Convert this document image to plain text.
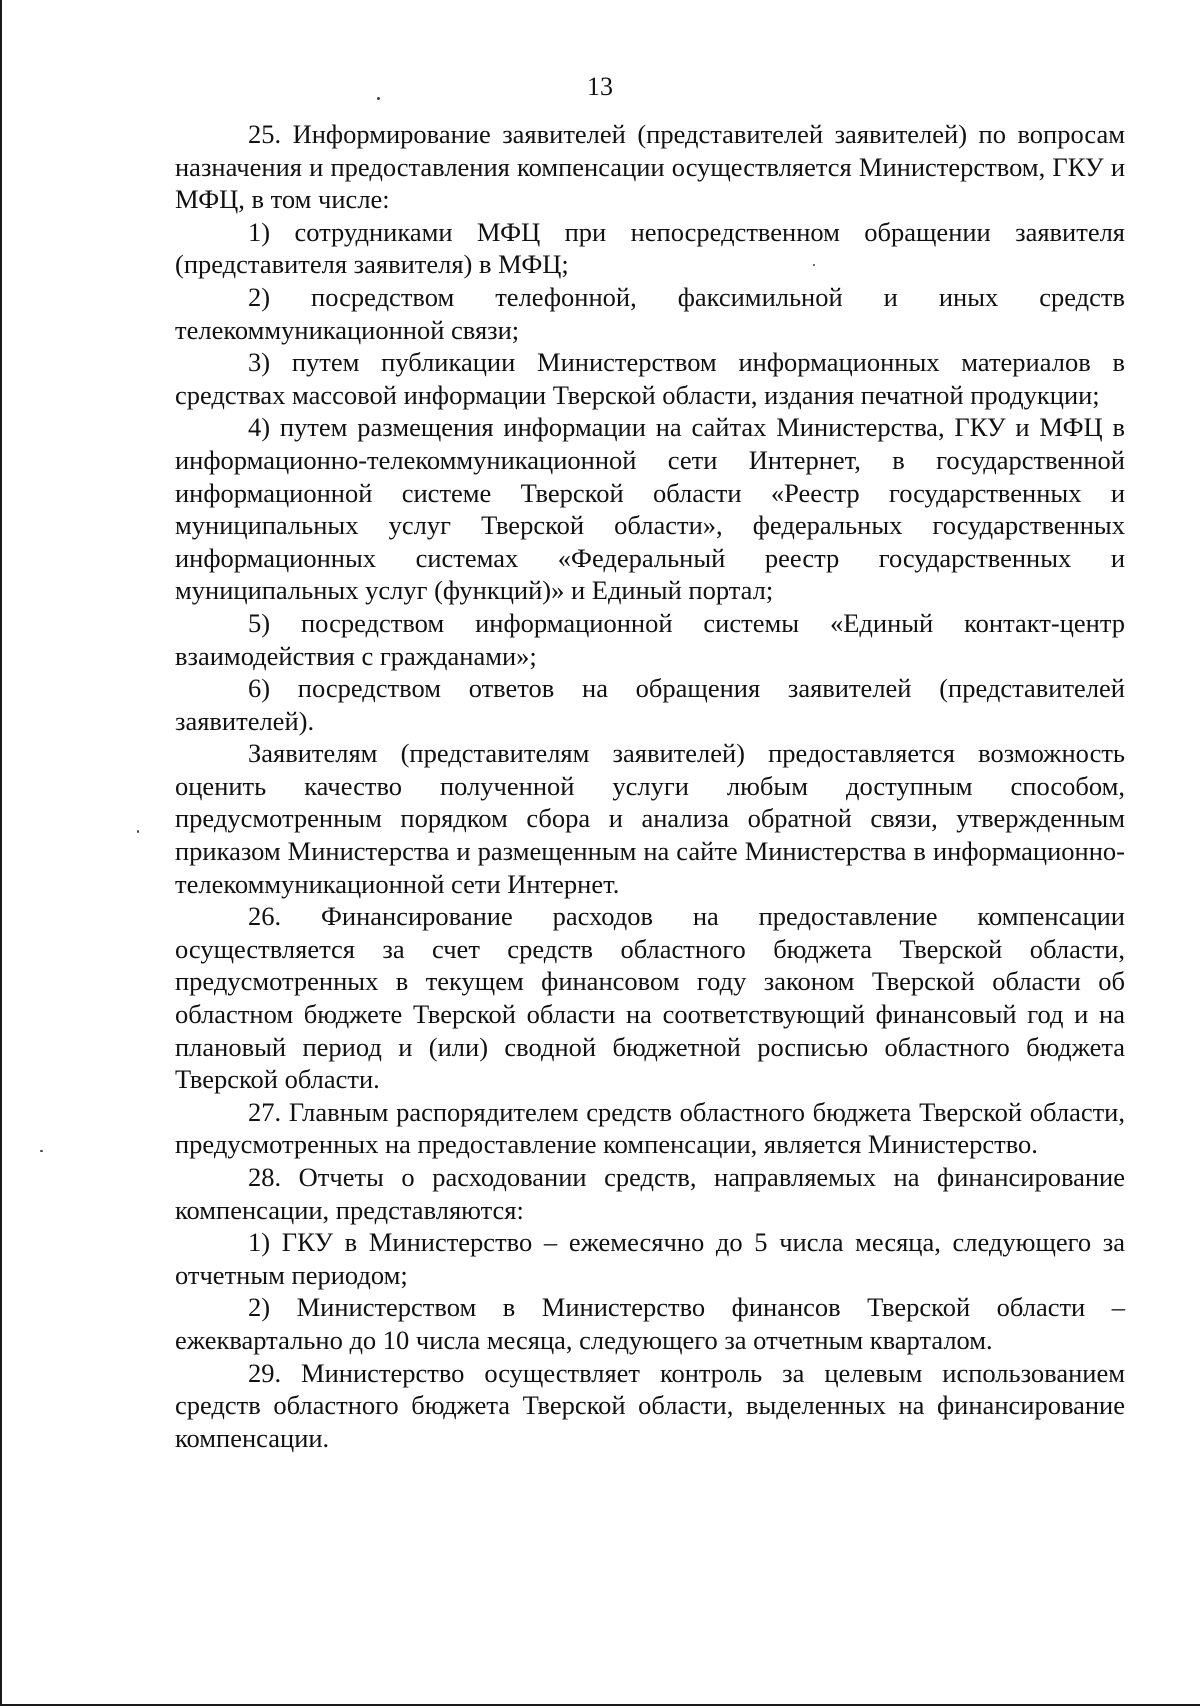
13

25. Информирование заявителей (представителей заявителей) по вопросам назначения и предоставления компенсации осуществляется Министерством, ГКУ и МФЦ, в том числе:

1) сотрудниками МФЦ при непосредственном обращении заявителя (представителя заявителя) в МФЦ;

2) посредством телефонной, факсимильной и иных средств телекоммуникационной связи;

3) путем публикации Министерством информационных материалов в средствах массовой информации Тверской области, издания печатной продукции;

4) путем размещения информации на сайтах Министерства, ГКУ и МФЦ в информационно-телекоммуникационной сети Интернет, в государственной информационной системе Тверской области «Реестр государственных и муниципальных услуг Тверской области», федеральных государственных информационных системах «Федеральный реестр государственных и муниципальных услуг (функций)» и Единый портал;

5) посредством информационной системы «Единый контакт-центр взаимодействия с гражданами»;

6) посредством ответов на обращения заявителей (представителей заявителей).

Заявителям (представителям заявителей) предоставляется возможность оценить качество полученной услуги любым доступным способом, предусмотренным порядком сбора и анализа обратной связи, утвержденным приказом Министерства и размещенным на сайте Министерства в информационно-телекоммуникационной сети Интернет.

26. Финансирование расходов на предоставление компенсации осуществляется за счет средств областного бюджета Тверской области, предусмотренных в текущем финансовом году законом Тверской области об областном бюджете Тверской области на соответствующий финансовый год и на плановый период и (или) сводной бюджетной росписью областного бюджета Тверской области.

27. Главным распорядителем средств областного бюджета Тверской области, предусмотренных на предоставление компенсации, является Министерство.

28. Отчеты о расходовании средств, направляемых на финансирование компенсации, представляются:

1) ГКУ в Министерство – ежемесячно до 5 числа месяца, следующего за отчетным периодом;

2) Министерством в Министерство финансов Тверской области – ежеквартально до 10 числа месяца, следующего за отчетным кварталом.

29. Министерство осуществляет контроль за целевым использованием средств областного бюджета Тверской области, выделенных на финансирование компенсации.
